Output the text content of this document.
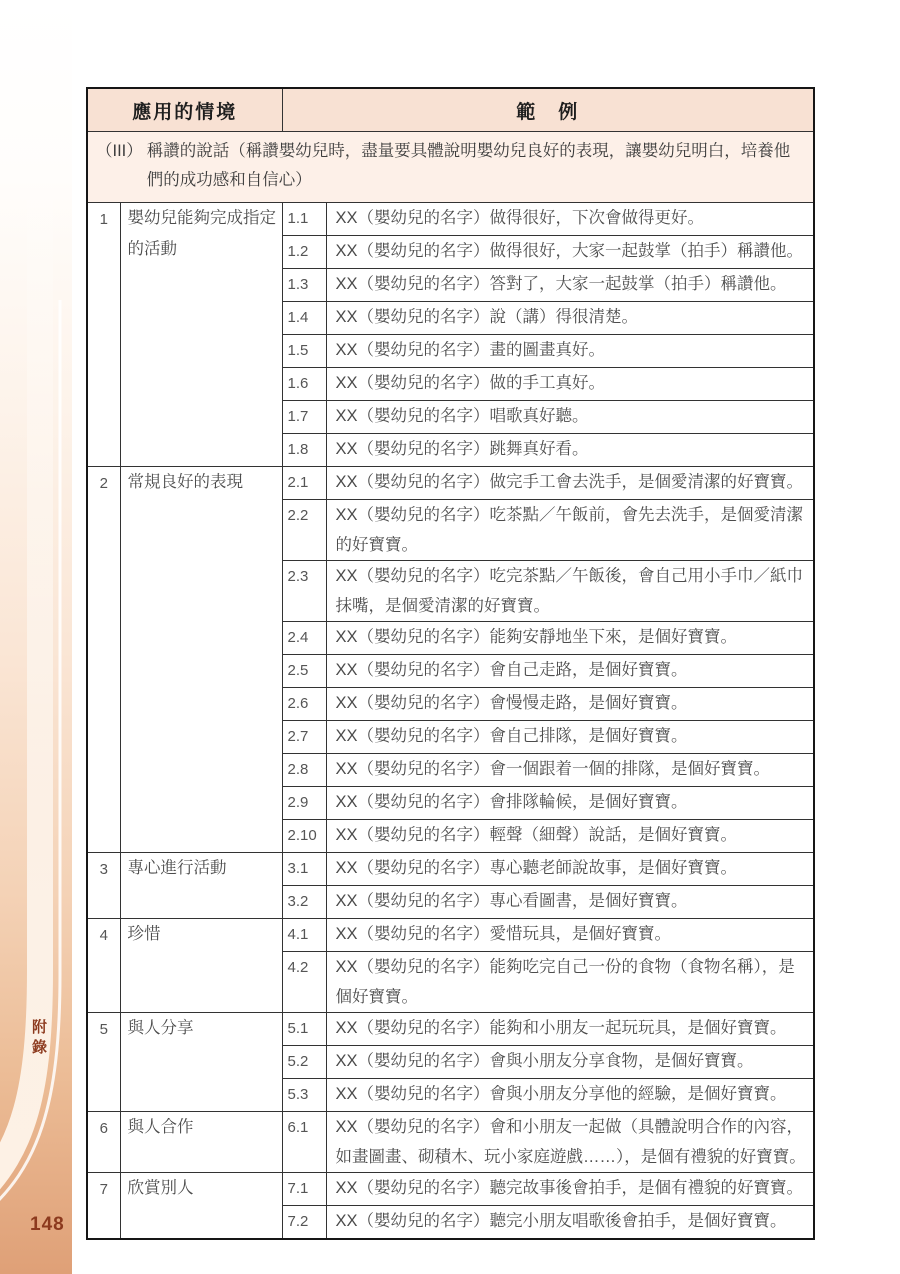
附錄
148
應用的情境		範　例	

（III） 稱讚的說話（稱讚嬰幼兒時，盡量要具體說明嬰幼兒良好的表現，讓嬰幼兒明白，培養他們的成功感和自信心）			

1	嬰幼兒能夠完成指定的活動	1.1	XX（嬰幼兒的名字）做得很好，下次會做得更好。
		1.2	XX（嬰幼兒的名字）做得很好，大家一起鼓掌（拍手）稱讚他。
		1.3	XX（嬰幼兒的名字）答對了，大家一起鼓掌（拍手）稱讚他。
		1.4	XX（嬰幼兒的名字）說（講）得很清楚。
		1.5	XX（嬰幼兒的名字）畫的圖畫真好。
		1.6	XX（嬰幼兒的名字）做的手工真好。
		1.7	XX（嬰幼兒的名字）唱歌真好聽。
		1.8	XX（嬰幼兒的名字）跳舞真好看。
2	常規良好的表現	2.1	XX（嬰幼兒的名字）做完手工會去洗手，是個愛清潔的好寶寶。
		2.2	XX（嬰幼兒的名字）吃茶點／午飯前，會先去洗手，是個愛清潔的好寶寶。
		2.3	XX（嬰幼兒的名字）吃完茶點／午飯後，會自己用小手巾／紙巾抹嘴，是個愛清潔的好寶寶。
		2.4	XX（嬰幼兒的名字）能夠安靜地坐下來，是個好寶寶。
		2.5	XX（嬰幼兒的名字）會自己走路，是個好寶寶。
		2.6	XX（嬰幼兒的名字）會慢慢走路，是個好寶寶。
		2.7	XX（嬰幼兒的名字）會自己排隊，是個好寶寶。
		2.8	XX（嬰幼兒的名字）會一個跟着一個的排隊，是個好寶寶。
		2.9	XX（嬰幼兒的名字）會排隊輪候，是個好寶寶。
		2.10	XX（嬰幼兒的名字）輕聲（細聲）說話，是個好寶寶。
3	專心進行活動	3.1	XX（嬰幼兒的名字）專心聽老師說故事，是個好寶寶。
		3.2	XX（嬰幼兒的名字）專心看圖書，是個好寶寶。
4	珍惜	4.1	XX（嬰幼兒的名字）愛惜玩具，是個好寶寶。
		4.2	XX（嬰幼兒的名字）能夠吃完自己一份的食物（食物名稱），是個好寶寶。
5	與人分享	5.1	XX（嬰幼兒的名字）能夠和小朋友一起玩玩具，是個好寶寶。
		5.2	XX（嬰幼兒的名字）會與小朋友分享食物，是個好寶寶。
		5.3	XX（嬰幼兒的名字）會與小朋友分享他的經驗，是個好寶寶。
6	與人合作	6.1	XX（嬰幼兒的名字）會和小朋友一起做（具體說明合作的內容，如畫圖畫、砌積木、玩小家庭遊戲……），是個有禮貌的好寶寶。
7	欣賞別人	7.1	XX（嬰幼兒的名字）聽完故事後會拍手，是個有禮貌的好寶寶。
		7.2	XX（嬰幼兒的名字）聽完小朋友唱歌後會拍手，是個好寶寶。
